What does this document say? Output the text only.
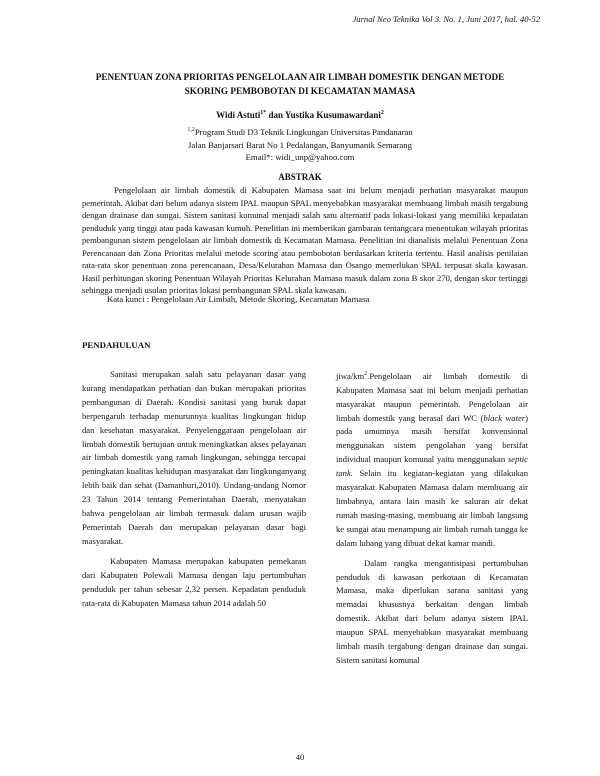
Jurnal Neo Teknika Vol 3. No. 1, Juni 2017, hal. 40-52
PENENTUAN ZONA PRIORITAS PENGELOLAAN AIR LIMBAH DOMESTIK DENGAN METODE SKORING PEMBOBOTAN DI KECAMATAN MAMASA
Widi Astuti$^{1*}$ dan Yustika Kusumawardani$^2$
$^{1,2}$Program Studi D3 Teknik Lingkungan Universitas Pandanaran
Jalan Banjarsari Barat No 1 Pedalangan, Banyumanik Semarang
Email*: widi_unp@yahoo.com
ABSTRAK

Pengelolaan air limbah domestik di Kabupaten Mamasa saat ini belum menjadi perhatian masyarakat maupun pemerintah. Akibat dari belum adanya sistem IPAL maupun SPAL menyebabkan masyarakat membuang limbah masih tergabung dengan drainase dan sungai. Sistem sanitasi komunal menjadi salah satu alternatif pada lokasi-lokasi yang memiliki kepadatan penduduk yang tinggi atau pada kawasan kumuh. Penelitian ini memberikan gambaran tentangcara menentukan wilayah prioritas pembangunan sistem pengelolaan air limbah domestik di Kecamatan Mamasa. Penelitian ini dianalisis melalui Penentuan Zona Perencanaan dan Zona Prioritas melalui metode scoring atau pembobotan berdasarkan kriteria tertentu. Hasil analisis penilaian rata-rata skor penentuan zona perencanaan, Desa/Kelurahan Mamasa dan Osango memerlukan SPAL terpusat skala kawasan. Hasil perhitungan skoring Penentuan Wilayah Prioritas Kelurahan Mamasa masuk dalam zona B skor 270, dengan skor tertinggi sehingga menjadi usulan prioritas lokasi pembangunan SPAL skala kawasan.

Kata kunci : Pengelolaan Air Limbah, Metode Skoring, Kecamatan Mamasa
PENDAHULUAN

Sanitasi merupakan salah satu pelayanan dasar yang kurang mendapatkan perhatian dan bukan merupakan prioritas pembangunan di Daerah. Kondisi sanitasi yang buruk dapat berpengaruh terhadap menurunnya kualitas lingkungan hidup dan kesehatan masyarakat. Penyelenggaraan pengelolaan air limbah domestik bertujuan untuk meningkatkan akses pelayanan air limbah domestik yang ramah lingkungan, sehingga tercapai peningkatan kualitas kehidupan masyarakat dan lingkunganyang lebih baik dan sehat (Damanhuri,2010). Undang-undang Nomor 23 Tahun 2014 tentang Pemerintahan Daerah, menyatakan bahwa pengelolaan air limbah termasuk dalam urusan wajib Pemerintah Daerah dan merupakan pelayanan dasar bagi masyarakat.

Kabupaten Mamasa merupakan kabupaten pemekaran dari Kabupaten Polewali Mamasa dengan laju pertumbuhan penduduk per tahun sebesar 2,32 persen. Kepadatan penduduk rata-rata di Kabupaten Mamasa tahun 2014 adalah 50

jiwa/$km^2.Pengelolaan$ air limbah domestik di Kabupaten Mamasa saat ini belum menjadi perhatian masyarakat maupun pemerintah. Pengelolaan air limbah domestik yang berasal dari WC (black water) pada umumnya masih bersifat konvensional menggunakan sistem pengolahan yang bersifat individual maupun komunal yaitu menggunakan septic tank. Selain itu kegiatan-kegiatan yang dilakukan masyarakat Kabupaten Mamasa dalam membuang air limbahnya, antara lain masih ke saluran air dekat rumah masing-masing, membuang air limbah langsung ke sungai atau menampung air limbah rumah tangga ke dalam lubang yang dibuat dekat kamar mandi.

Dalam rangka mengantisipasi pertumbuhan penduduk di kawasan perkotaan di Kecamatan Mamasa, maka diperlukan sarana sanitasi yang memadai khususnya berkaitan dengan limbah domestik. Akibat dari belum adanya sistem IPAL maupun SPAL menyebabkan masyarakat membuang limbah masih tergabung dengan drainase dan sungai. Sistem sanitasi komunal

40
